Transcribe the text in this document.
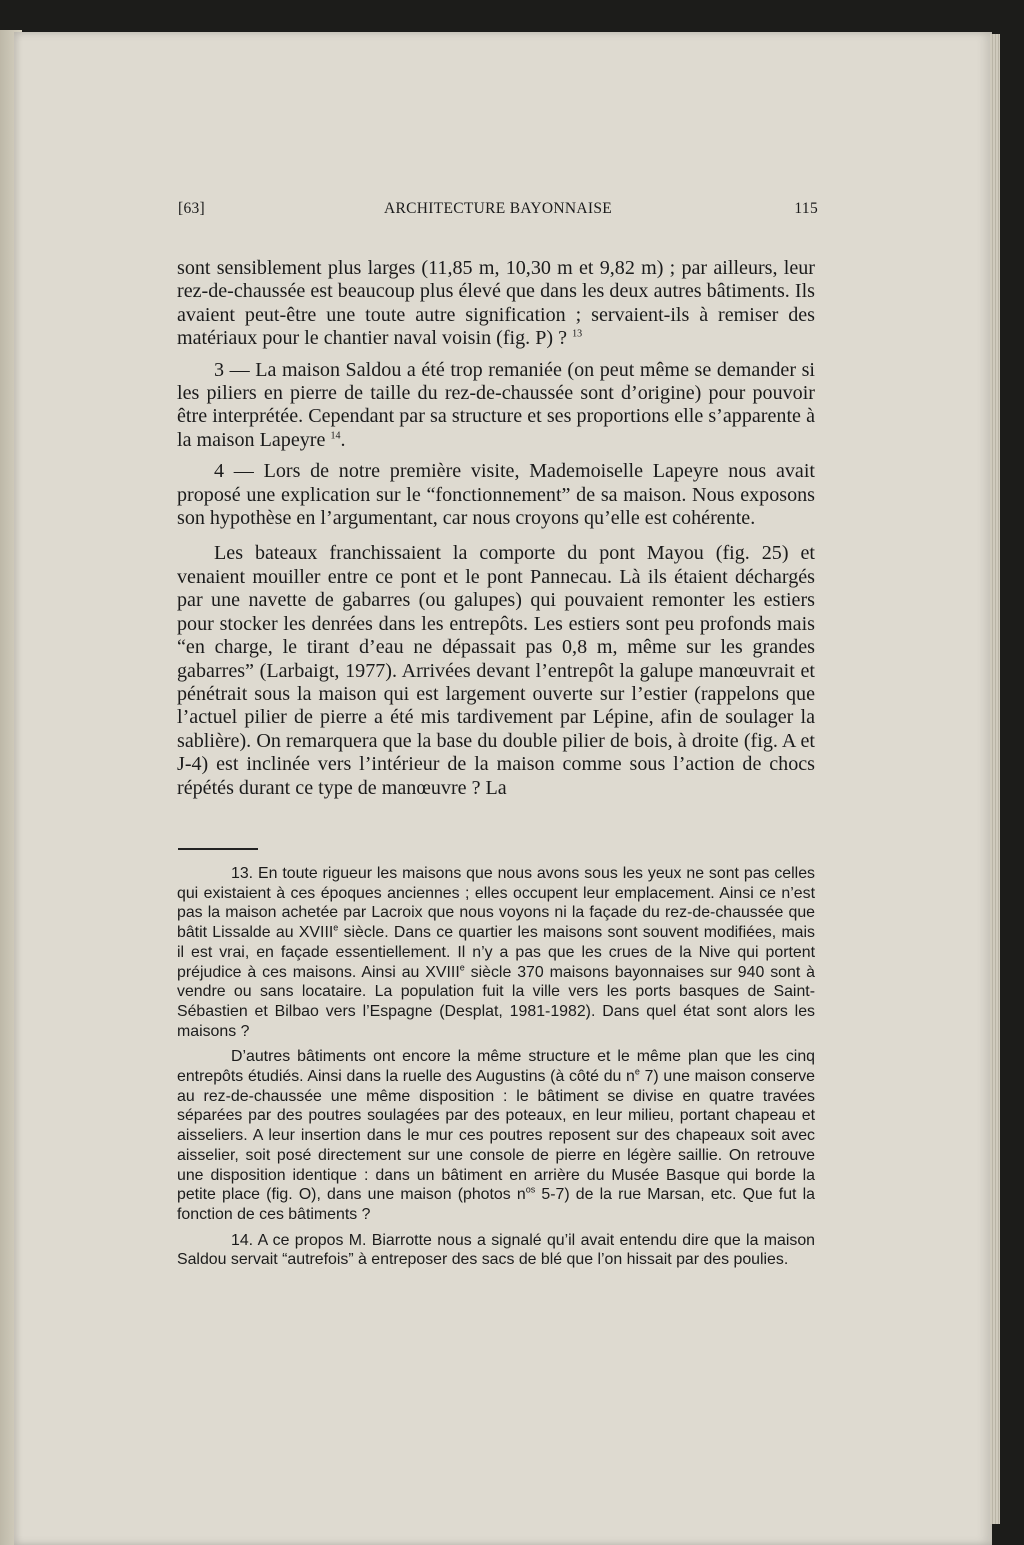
[63]	ARCHITECTURE BAYONNAISE	115

sont sensiblement plus larges (11,85 m, 10,30 m et 9,82 m) ; par ailleurs, leur rez-de-chaussée est beaucoup plus élevé que dans les deux autres bâtiments. Ils avaient peut-être une toute autre signification ; servaient-ils à remiser des matériaux pour le chantier naval voisin (fig. P) ? $^{13}$

3 — La maison Saldou a été trop remaniée (on peut même se demander si les piliers en pierre de taille du rez-de-chaussée sont d’origine) pour pouvoir être interprétée. Cependant par sa structure et ses proportions elle s’apparente à la maison Lapeyre $^{14}$.

4 — Lors de notre première visite, Mademoiselle Lapeyre nous avait proposé une explication sur le “fonctionnement” de sa maison. Nous exposons son hypothèse en l’argumentant, car nous croyons qu’elle est cohérente.

Les bateaux franchissaient la comporte du pont Mayou (fig. 25) et venaient mouiller entre ce pont et le pont Pannecau. Là ils étaient déchargés par une navette de gabarres (ou galupes) qui pouvaient remonter les estiers pour stocker les denrées dans les entrepôts. Les estiers sont peu profonds mais “en charge, le tirant d’eau ne dépassait pas 0,8 m, même sur les grandes gabarres” (Larbaigt, 1977). Arrivées devant l’entrepôt la galupe manœuvrait et pénétrait sous la maison qui est largement ouverte sur l’estier (rappelons que l’actuel pilier de pierre a été mis tardivement par Lépine, afin de soulager la sablière). On remarquera que la base du double pilier de bois, à droite (fig. A et J-4) est inclinée vers l’intérieur de la maison comme sous l’action de chocs répétés durant ce type de manœuvre ? La

13. En toute rigueur les maisons que nous avons sous les yeux ne sont pas celles qui existaient à ces époques anciennes ; elles occupent leur emplacement. Ainsi ce n’est pas la maison achetée par Lacroix que nous voyons ni la façade du rez-de-chaussée que bâtit Lissalde au XVIIIe siècle. Dans ce quartier les maisons sont souvent modifiées, mais il est vrai, en façade essentiellement. Il n’y a pas que les crues de la Nive qui portent préjudice à ces maisons. Ainsi au XVIIIe siècle 370 maisons bayonnaises sur 940 sont à vendre ou sans locataire. La population fuit la ville vers les ports basques de Saint-Sébastien et Bilbao vers l’Espagne (Desplat, 1981-1982). Dans quel état sont alors les maisons ?

D’autres bâtiments ont encore la même structure et le même plan que les cinq entrepôts étudiés. Ainsi dans la ruelle des Augustins (à côté du $n^e$ 7) une maison conserve au rez-de-chaussée une même disposition : le bâtiment se divise en quatre travées séparées par des poutres soulagées par des poteaux, en leur milieu, portant chapeau et aisseliers. A leur insertion dans le mur ces poutres reposent sur des chapeaux soit avec aisselier, soit posé directement sur une console de pierre en légère saillie. On retrouve une disposition identique : dans un bâtiment en arrière du Musée Basque qui borde la petite place (fig. O), dans une maison (photos $n^{os}$ 5-7) de la rue Marsan, etc. Que fut la fonction de ces bâtiments ?

14. A ce propos M. Biarrotte nous a signalé qu’il avait entendu dire que la maison Saldou servait “autrefois” à entreposer des sacs de blé que l’on hissait par des poulies.
